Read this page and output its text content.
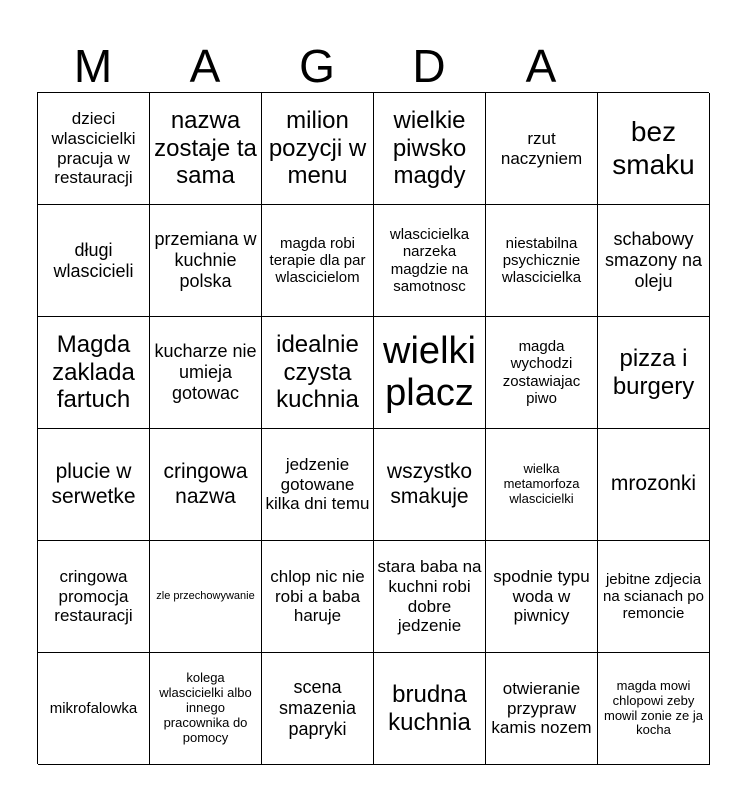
M	A	G	D	A
dzieci wlascicielki pracuja w restauracji
nazwa zostaje ta sama
milion pozycji w menu
wielkie piwsko magdy
rzut naczyniem
bez smaku
długi wlascicieli
przemiana w kuchnie polska
magda robi terapie dla par wlascicielom
wlascicielka narzeka magdzie na samotnosc
niestabilna psychicznie wlascicielka
schabowy smazony na oleju
Magda zaklada fartuch
kucharze nie umieja gotowac
idealnie czysta kuchnia
wielki placz
magda wychodzi zostawiajac piwo
pizza i burgery
plucie w serwetke
cringowa nazwa
jedzenie gotowane kilka dni temu
wszystko smakuje
wielka metamorfoza wlascicielki
mrozonki
cringowa promocja restauracji
zle przechowywanie
chlop nic nie robi a baba haruje
stara baba na kuchni robi dobre jedzenie
spodnie typu woda w piwnicy
jebitne zdjecia na scianach po remoncie
mikrofalowka
kolega wlascicielki albo innego pracownika do pomocy
scena smazenia papryki
brudna kuchnia
otwieranie przypraw kamis nozem
magda mowi chlopowi zeby mowil zonie ze ja kocha
